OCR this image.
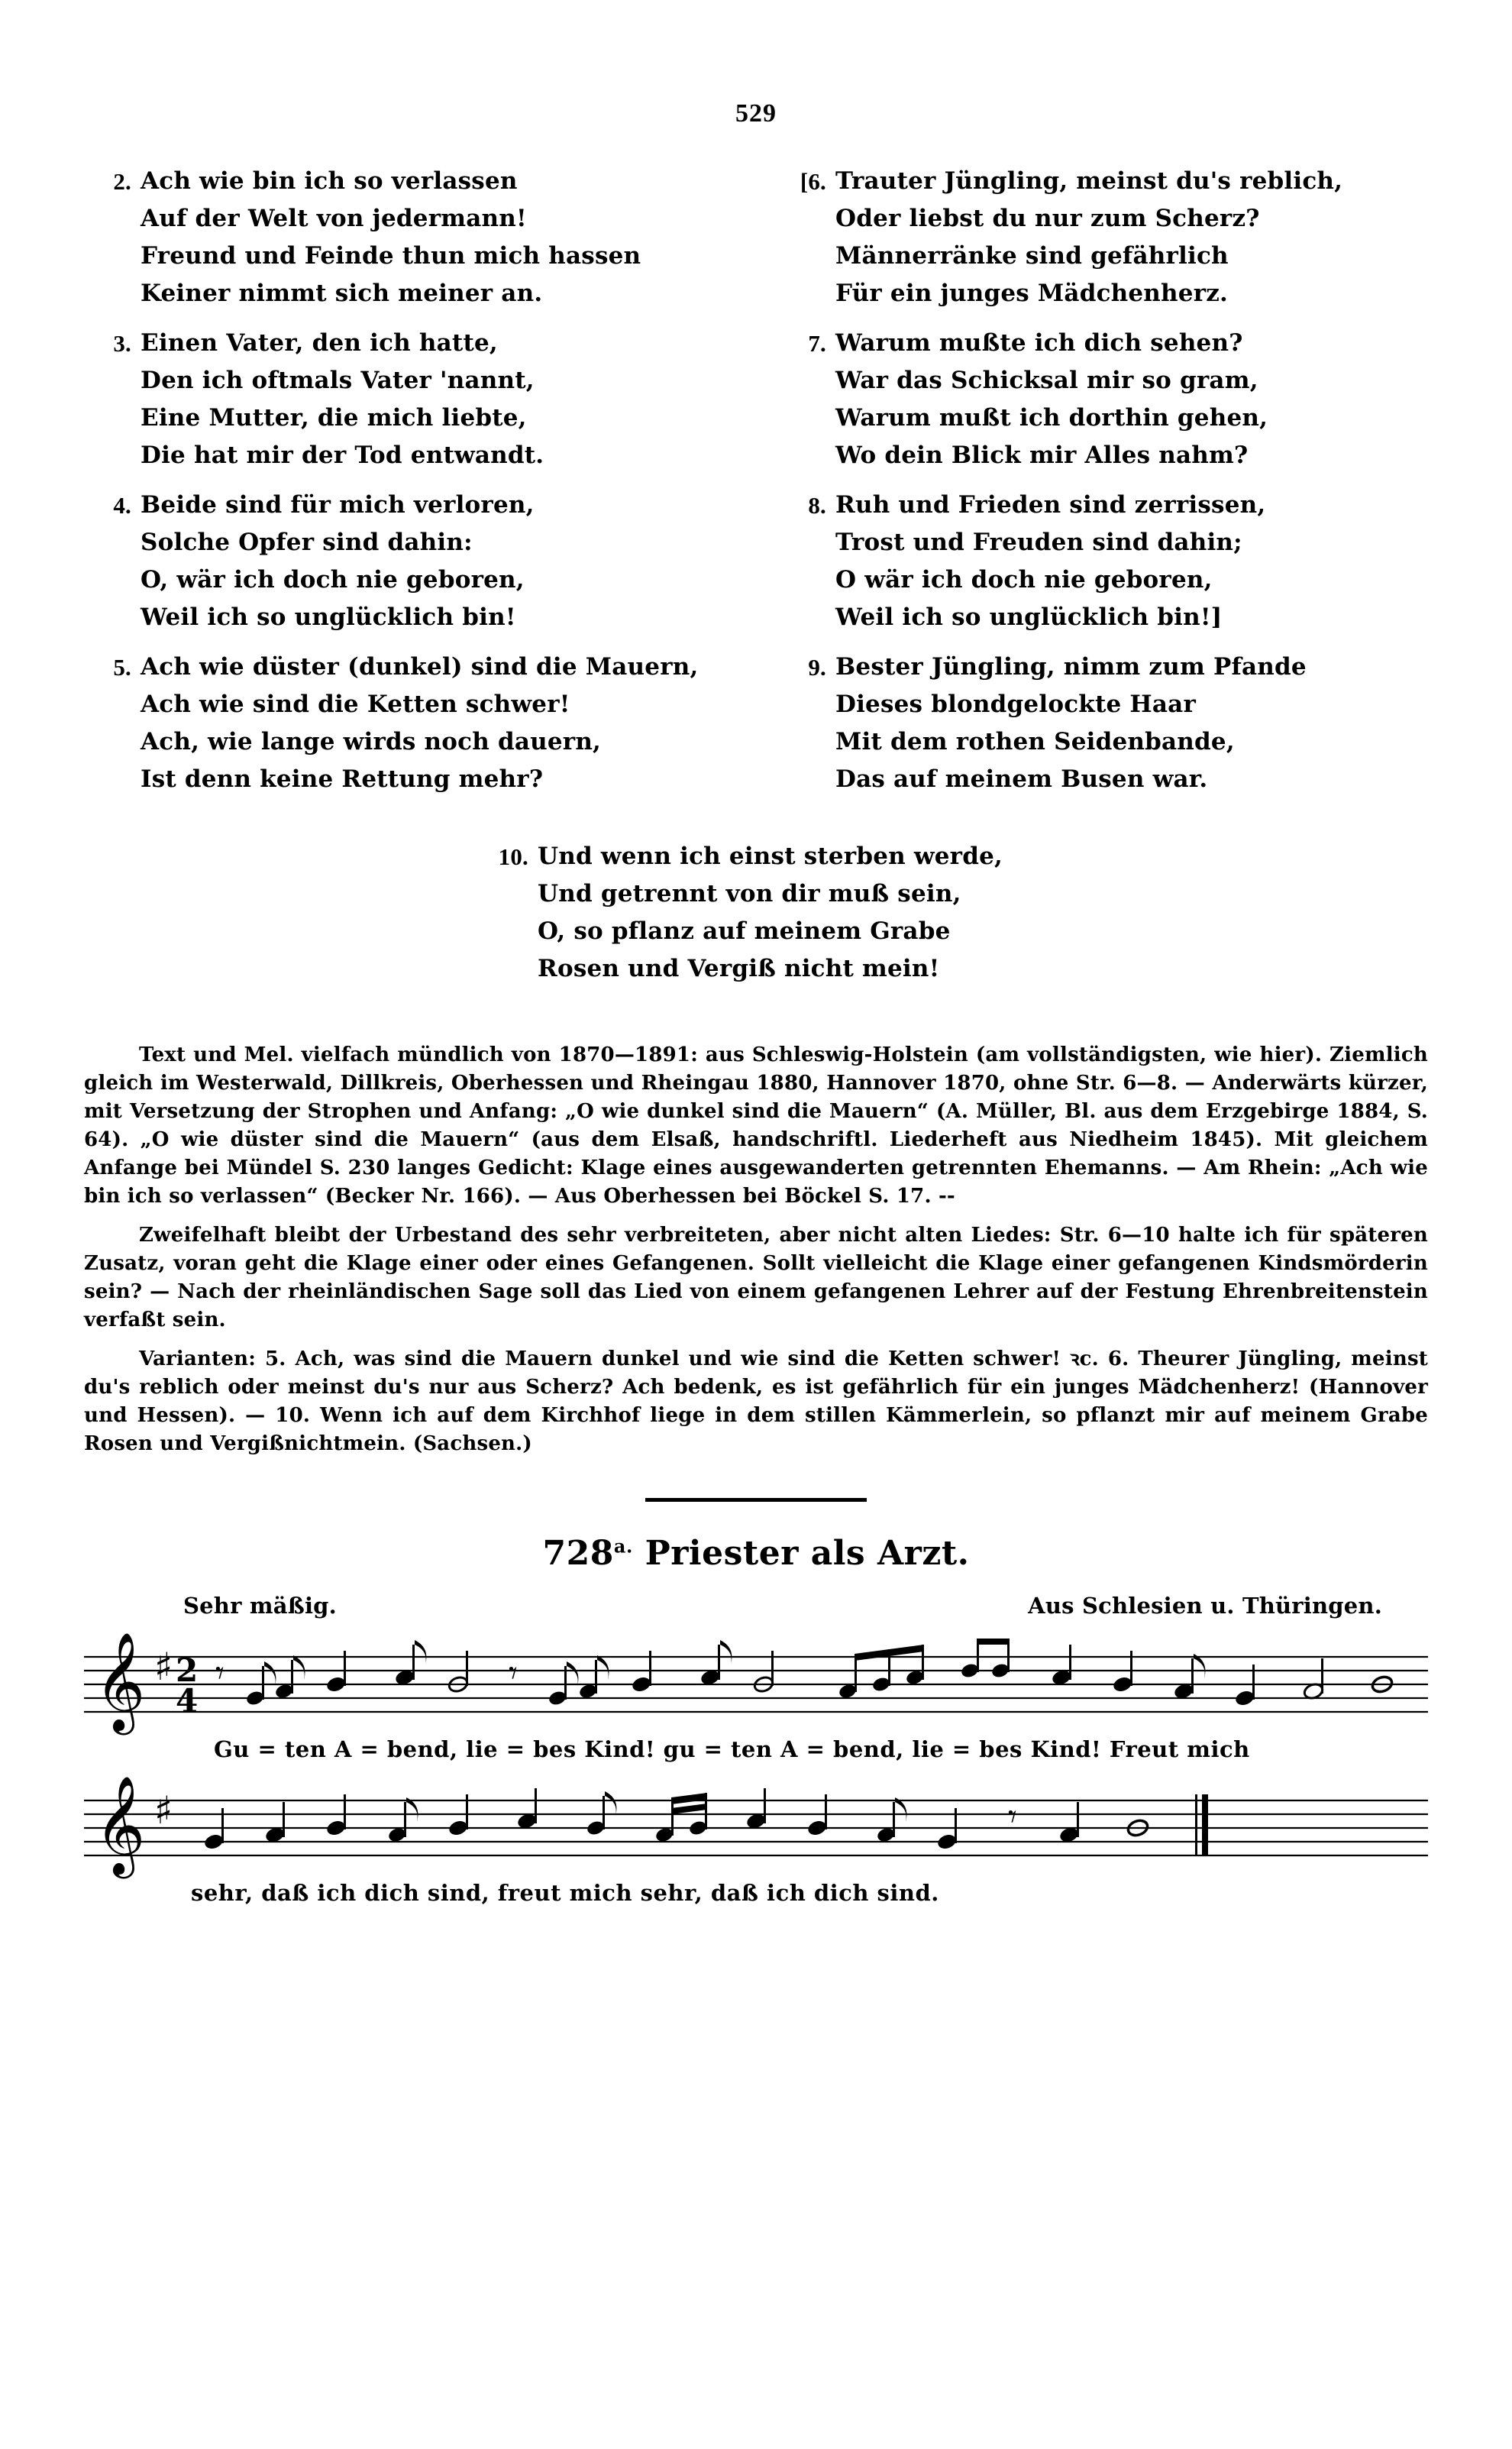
529
2. Ach wie bin ich so verlassen
Auf der Welt von jedermann!
Freund und Feinde thun mich hassen
Keiner nimmt sich meiner an.
3. Einen Vater, den ich hatte,
Den ich oftmals Vater 'nannt,
Eine Mutter, die mich liebte,
Die hat mir der Tod entwandt.
4. Beide sind für mich verloren,
Solche Opfer sind dahin:
O, wär ich doch nie geboren,
Weil ich so unglücklich bin!
5. Ach wie düster (dunkel) sind die Mauern,
Ach wie sind die Ketten schwer!
Ach, wie lange wirds noch dauern,
Ist denn keine Rettung mehr?
[6. Trauter Jüngling, meinst du's reblich,
Oder liebst du nur zum Scherz?
Männerränke sind gefährlich
Für ein junges Mädchenherz.
7. Warum mußte ich dich sehen?
War das Schicksal mir so gram,
Warum mußt ich dorthin gehen,
Wo dein Blick mir Alles nahm?
8. Ruh und Frieden sind zerrissen,
Trost und Freuden sind dahin;
O wär ich doch nie geboren,
Weil ich so unglücklich bin!]
9. Bester Jüngling, nimm zum Pfande
Dieses blondgelockte Haar
Mit dem rothen Seidenbande,
Das auf meinem Busen war.
10. Und wenn ich einst sterben werde,
Und getrennt von dir muß sein,
O, so pflanz auf meinem Grabe
Rosen und Vergiß nicht mein!

Text und Mel. vielfach mündlich von 1870—1891: aus Schleswig-Holstein (am vollständigsten, wie hier). Ziemlich gleich im Westerwald, Dillkreis, Oberhessen und Rheingau 1880, Hannover 1870, ohne Str. 6—8. — Anderwärts kürzer, mit Versetzung der Strophen und Anfang: „O wie dunkel sind die Mauern“ (A. Müller, Bl. aus dem Erzgebirge 1884, S. 64). „O wie düster sind die Mauern“ (aus dem Elsaß, handschriftl. Liederheft aus Niedheim 1845). Mit gleichem Anfange bei Mündel S. 230 langes Gedicht: Klage eines ausgewanderten getrennten Ehemanns. — Am Rhein: „Ach wie bin ich so verlassen“ (Becker Nr. 166). — Aus Oberhessen bei Böckel S. 17. --

Zweifelhaft bleibt der Urbestand des sehr verbreiteten, aber nicht alten Liedes: Str. 6—10 halte ich für späteren Zusatz, voran geht die Klage einer oder eines Gefangenen. Sollt vielleicht die Klage einer gefangenen Kindsmörderin sein? — Nach der rheinländischen Sage soll das Lied von einem gefangenen Lehrer auf der Festung Ehrenbreitenstein verfaßt sein.

Varianten: 5. Ach, was sind die Mauern dunkel und wie sind die Ketten schwer! ꝛc. 6. Theurer Jüngling, meinst du's reblich oder meinst du's nur aus Scherz? Ach bedenk, es ist gefährlich für ein junges Mädchenherz! (Hannover und Hessen). — 10. Wenn ich auf dem Kirchhof liege in dem stillen Kämmerlein, so pflanzt mir auf meinem Grabe Rosen und Vergißnichtmein. (Sachsen.)

$728^{a.}$ Priester als Arzt.
Sehr mäßig.	Aus Schlesien u. Thüringen.
𝄞 ♯ 2
4
𝄾	𝄾
Gu = ten A = bend, lie = bes Kind! gu = ten A = bend, lie = bes Kind! Freut mich
𝄞 ♯	𝄾
sehr, daß ich dich sind, freut mich sehr, daß ich dich sind.
